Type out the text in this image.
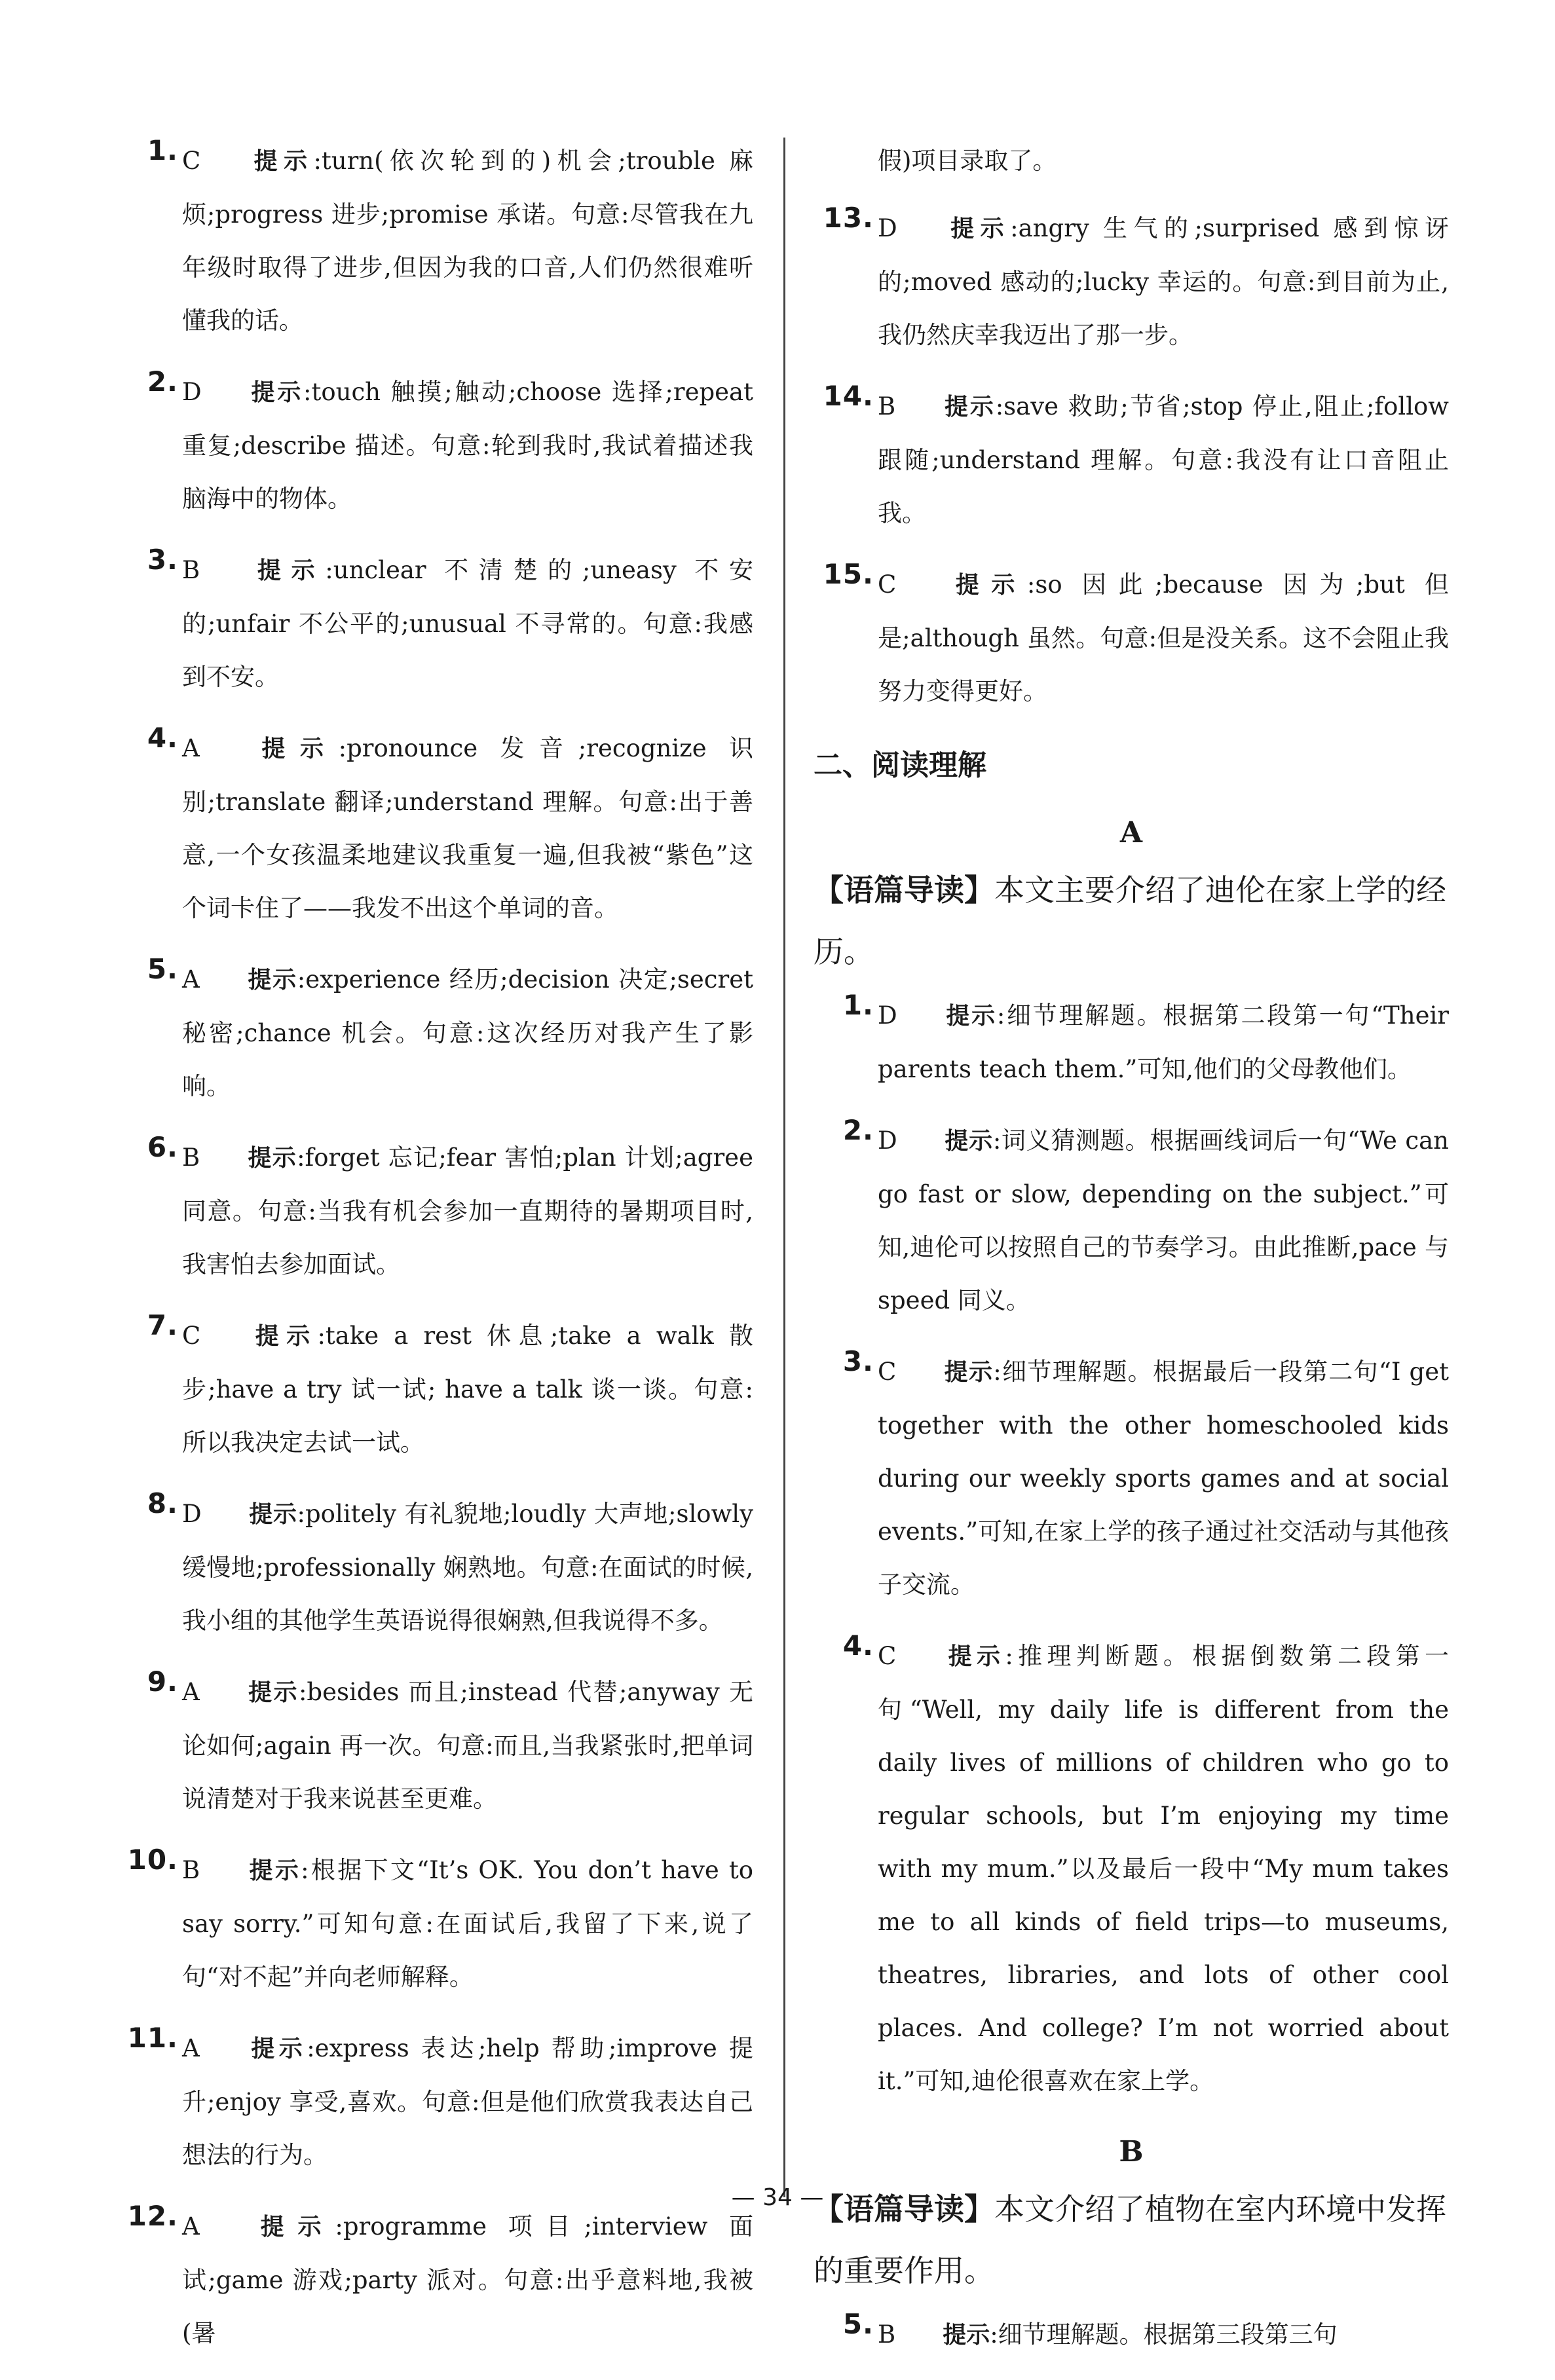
1. C 提示:turn(依次轮到的)机会;trouble 麻烦;progress 进步;promise 承诺。句意:尽管我在九年级时取得了进步,但因为我的口音,人们仍然很难听懂我的话。
2. D 提示:touch 触摸;触动;choose 选择;repeat 重复;describe 描述。句意:轮到我时,我试着描述我脑海中的物体。
3. B 提示:unclear 不清楚的;uneasy 不安的;unfair 不公平的;unusual 不寻常的。句意:我感到不安。
4. A 提示:pronounce 发音;recognize 识别;translate 翻译;understand 理解。句意:出于善意,一个女孩温柔地建议我重复一遍,但我被“紫色”这个词卡住了——我发不出这个单词的音。
5. A 提示:experience 经历;decision 决定;secret 秘密;chance 机会。句意:这次经历对我产生了影响。
6. B 提示:forget 忘记;fear 害怕;plan 计划;agree 同意。句意:当我有机会参加一直期待的暑期项目时,我害怕去参加面试。
7. C 提示:take a rest 休息;take a walk 散步;have a try 试一试; have a talk 谈一谈。句意:所以我决定去试一试。
8. D 提示:politely 有礼貌地;loudly 大声地;slowly 缓慢地;professionally 娴熟地。句意:在面试的时候,我小组的其他学生英语说得很娴熟,但我说得不多。
9. A 提示:besides 而且;instead 代替;anyway 无论如何;again 再一次。句意:而且,当我紧张时,把单词说清楚对于我来说甚至更难。
10. B 提示:根据下文“It’s OK. You don’t have to say sorry.”可知句意:在面试后,我留了下来,说了句“对不起”并向老师解释。
11. A 提示:express 表达;help 帮助;improve 提升;enjoy 享受,喜欢。句意:但是他们欣赏我表达自己想法的行为。
12. A 提示:programme 项目;interview 面试;game 游戏;party 派对。句意:出乎意料地,我被(暑
假)项目录取了。
13. D 提示:angry 生气的;surprised 感到惊讶的;moved 感动的;lucky 幸运的。句意:到目前为止,我仍然庆幸我迈出了那一步。
14. B 提示:save 救助;节省;stop 停止,阻止;follow 跟随;understand 理解。句意:我没有让口音阻止我。
15. C 提示:so 因此;because 因为;but 但是;although 虽然。句意:但是没关系。这不会阻止我努力变得更好。
二、阅读理解
A
【语篇导读】本文主要介绍了迪伦在家上学的经历。
1. D 提示:细节理解题。根据第二段第一句“Their parents teach them.”可知,他们的父母教他们。
2. D 提示:词义猜测题。根据画线词后一句“We can go fast or slow, depending on the subject.”可知,迪伦可以按照自己的节奏学习。由此推断,pace 与 speed 同义。
3. C 提示:细节理解题。根据最后一段第二句“I get together with the other homeschooled kids during our weekly sports games and at social events.”可知,在家上学的孩子通过社交活动与其他孩子交流。
4. C 提示:推理判断题。根据倒数第二段第一句“Well, my daily life is different from the daily lives of millions of children who go to regular schools, but I’m enjoying my time with my mum.”以及最后一段中“My mum takes me to all kinds of field trips—to museums, theatres, libraries, and lots of other cool places. And college? I’m not worried about it.”可知,迪伦很喜欢在家上学。
B
【语篇导读】本文介绍了植物在室内环境中发挥的重要作用。
5. B 提示:细节理解题。根据第三段第三句
— 34 —
